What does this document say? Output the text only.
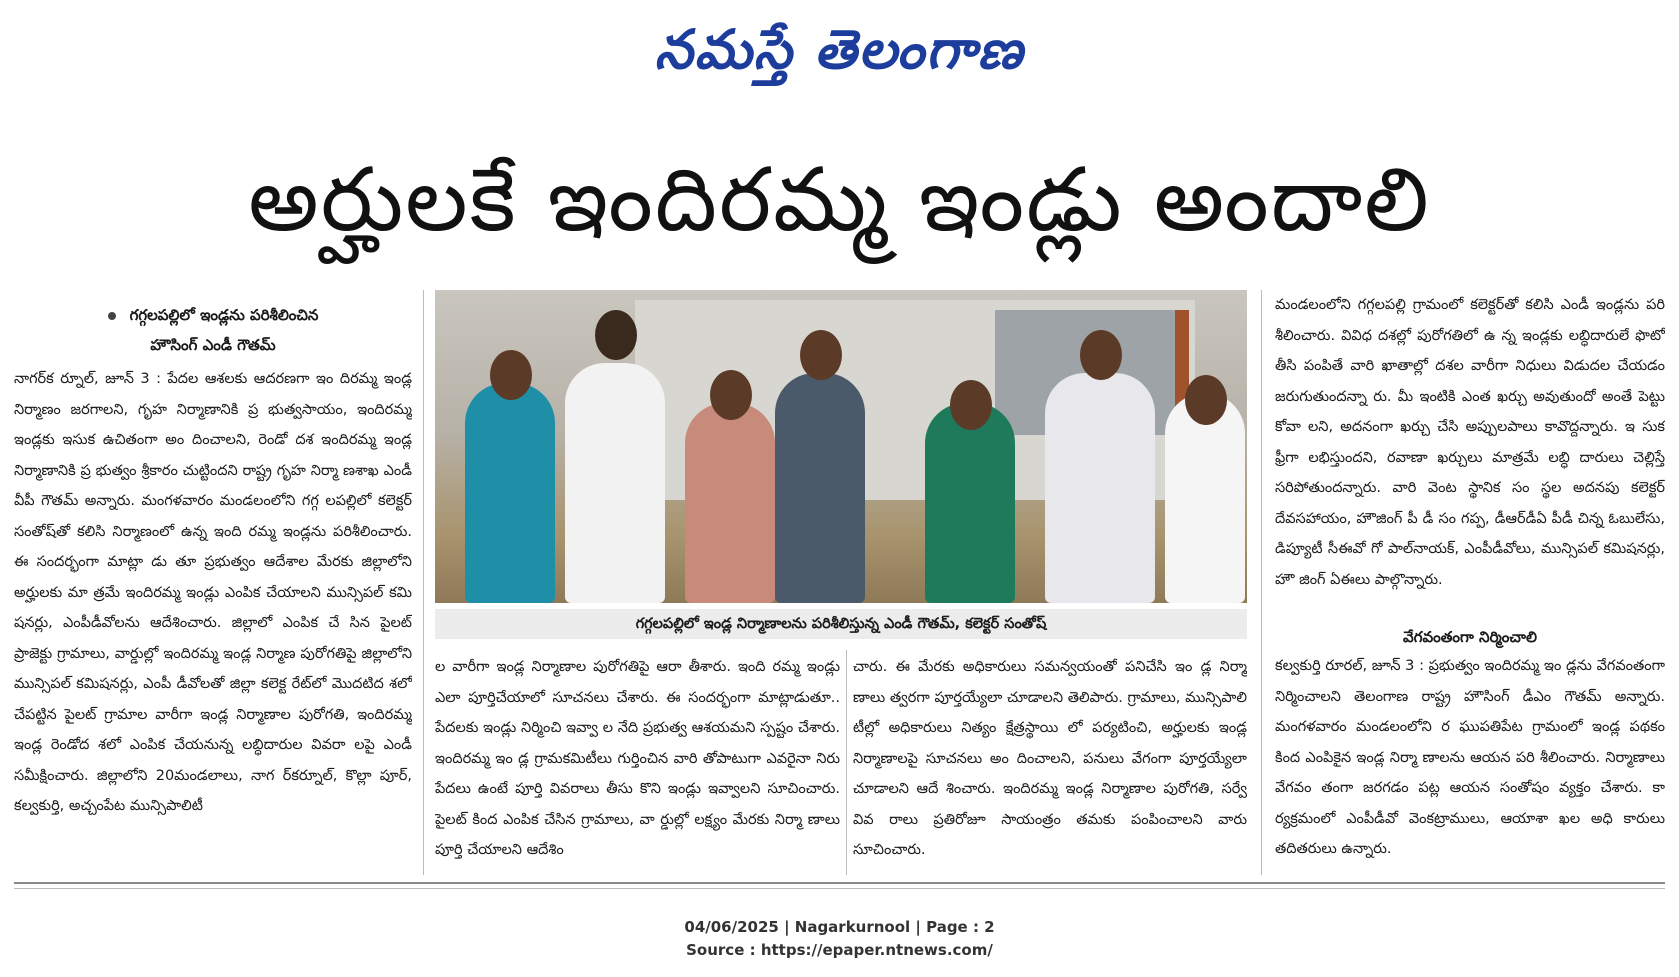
నమస్తే తెలంగాణ
అర్హులకే ఇందిరమ్మ ఇండ్లు అందాలి
గగ్గలపల్లిలో ఇండ్లను పరిశీలించిన
హౌసింగ్ ఎండీ గౌతమ్

నాగర్‌క ర్నూల్, జూన్ 3 : పేదల ఆశలకు ఆదరణగా ఇం దిరమ్మ ఇండ్ల నిర్మాణం జరగాలని, గృహ నిర్మాణానికి ప్ర భుత్వసాయం, ఇందిరమ్మ ఇండ్లకు ఇసుక ఉచితంగా అం దించాలని, రెండో దశ ఇందిరమ్మ ఇండ్ల నిర్మాణానికి ప్ర భుత్వం శ్రీకారం చుట్టిందని రాష్ట్ర గృహ నిర్మా ణశాఖ ఎండీ వీపీ గౌతమ్ అన్నారు. మంగళవారం మండలంలోని గగ్గ లపల్లిలో కలెక్టర్ సంతోష్‌తో కలిసి నిర్మాణంలో ఉన్న ఇంది రమ్మ ఇండ్లను పరిశీలించారు. ఈ సందర్భంగా మాట్లా డు తూ ప్రభుత్వం ఆదేశాల మేరకు జిల్లాలోని అర్హులకు మా త్రమే ఇందిరమ్మ ఇండ్లు ఎంపిక చేయాలని మున్సిపల్ కమి షనర్లు, ఎంపీడీవోలను ఆదేశించారు. జిల్లాలో ఎంపిక చే సిన పైలట్ ప్రాజెక్టు గ్రామాలు, వార్డుల్లో ఇందిరమ్మ ఇండ్ల నిర్మాణ పురోగతిపై జిల్లాలోని మున్సిపల్ కమిషనర్లు, ఎంపీ డీవోలతో జిల్లా కలెక్ట రేట్‌లో మొదటిద శలో చేపట్టిన పైలట్ గ్రామాల వారీగా ఇండ్ల నిర్మాణాల పురోగతి, ఇందిరమ్మ ఇండ్ల రెండోద శలో ఎంపిక చేయనున్న లబ్ధిదారుల వివరా లపై ఎండీ సమీక్షించారు. జిల్లాలోని 20మండలాలు, నాగ ర్‌కర్నూల్, కొల్లా పూర్, కల్వకుర్తి, అచ్చంపేట మున్సిపాలిటీ

గగ్గలపల్లిలో ఇండ్ల నిర్మాణాలను పరిశీలిస్తున్న ఎండీ గౌతమ్, కలెక్టర్ సంతోష్

ల వారీగా ఇండ్ల నిర్మాణాల పురోగతిపై ఆరా తీశారు. ఇంది రమ్మ ఇండ్లు ఎలా పూర్తిచేయాలో సూచనలు చేశారు. ఈ సందర్భంగా మాట్లాడుతూ.. పేదలకు ఇండ్లు నిర్మించి ఇవ్వా ల నేది ప్రభుత్వ ఆశయమని స్పష్టం చేశారు. ఇందిరమ్మ ఇం డ్ల గ్రామకమిటీలు గుర్తించిన వారి తోపాటుగా ఎవరైనా నిరు పేదలు ఉంటే పూర్తి వివరాలు తీసు కొని ఇండ్లు ఇవ్వాలని సూచించారు. పైలట్ కింద ఎంపిక చేసిన గ్రామాలు, వా ర్డుల్లో లక్ష్యం మేరకు నిర్మా ణాలు పూర్తి చేయాలని ఆదేశిం

చారు. ఈ మేరకు అధికారులు సమన్వయంతో పనిచేసి ఇం డ్ల నిర్మా ణాలు త్వరగా పూర్తయ్యేలా చూడాలని తెలిపారు. గ్రామాలు, మున్సిపాలి టీల్లో అధికారులు నిత్యం క్షేత్రస్థాయి లో పర్యటించి, అర్హులకు ఇండ్ల నిర్మాణాలపై సూచనలు అం దించాలని, పనులు వేగంగా పూర్తయ్యేలా చూడాలని ఆదే శించారు. ఇందిరమ్మ ఇండ్ల నిర్మాణాల పురోగతి, సర్వే వివ రాలు ప్రతిరోజూ సాయంత్రం తమకు పంపించాలని వారు సూచించారు.

మండలంలోని గగ్గలపల్లి గ్రామంలో కలెక్టర్‌తో కలిసి ఎండీ ఇండ్లను పరి శీలించారు. వివిధ దశల్లో పురోగతిలో ఉ న్న ఇండ్లకు లబ్ధిదారులే ఫొటో తీసి పంపితే వారి ఖాతాల్లో దశల వారీగా నిధులు విడుదల చేయడం జరుగుతుందన్నా రు. మీ ఇంటికి ఎంత ఖర్చు అవుతుందో అంతే పెట్టు కోవా లని, అదనంగా ఖర్చు చేసి అప్పులపాలు కావొద్దన్నారు. ఇ సుక ఫ్రీగా లభిస్తుందని, రవాణా ఖర్చులు మాత్రమే లబ్ధి దారులు చెల్లిస్తే సరిపోతుందన్నారు. వారి వెంట స్థానిక సం స్థల అదనపు కలెక్టర్ దేవసహాయం, హౌజింగ్ పీ డీ సం గప్ప, డీఆర్‌డీఏ పీడీ చిన్న ఓబులేసు, డిప్యూటీ సీఈవో గో పాల్‌నాయక్, ఎంపీడీవోలు, మున్సిపల్ కమిషనర్లు, హౌ జింగ్ ఏఈలు పాల్గొన్నారు.

వేగవంతంగా నిర్మించాలి

కల్వకుర్తి రూరల్, జూన్ 3 : ప్రభుత్వం ఇందిరమ్మ ఇం డ్లను వేగవంతంగా నిర్మించాలని తెలంగాణ రాష్ట్ర హౌసింగ్ డీఎం గౌతమ్ అన్నారు. మంగళవారం మండలంలోని ర ఘుపతిపేట గ్రామంలో ఇండ్ల పథకం కింద ఎంపికైన ఇండ్ల నిర్మా ణాలను ఆయన పరి శీలించారు. నిర్మాణాలు వేగవం తంగా జరగడం పట్ల ఆయన సంతోషం వ్యక్తం చేశారు. కా ర్యక్రమంలో ఎంపీడీవో వెంకట్రాములు, ఆయాశా ఖల అధి కారులు తదితరులు ఉన్నారు.

04/06/2025 | Nagarkurnool | Page : 2
Source : https://epaper.ntnews.com/
